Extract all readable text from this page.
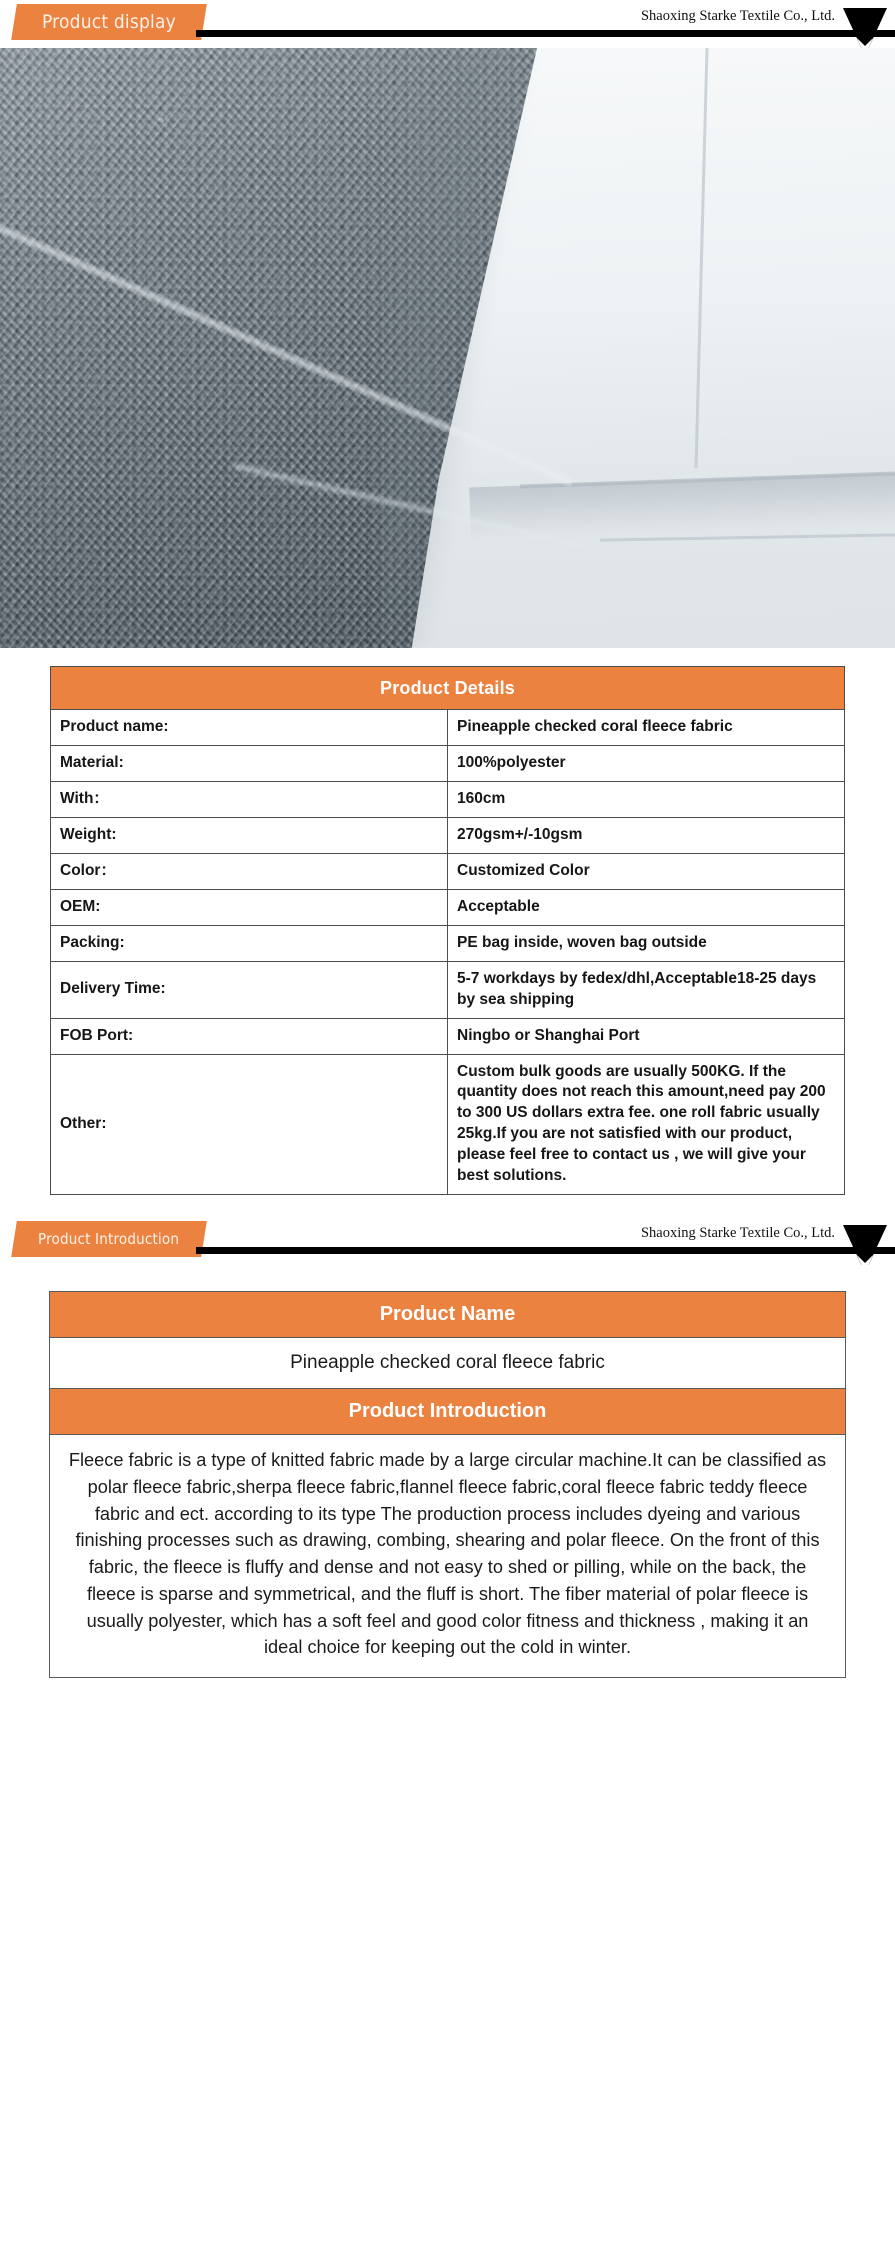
Product display	Shaoxing Starke Textile Co., Ltd.
Product Details	
Product name:	Pineapple checked coral fleece fabric
Material:	100%polyester
With：	160cm
Weight:	270gsm+/-10gsm
Color：	Customized Color
OEM:	Acceptable
Packing:	PE bag inside, woven bag outside
Delivery Time:	5-7 workdays by fedex/dhl,Acceptable18-25 days by sea shipping
FOB Port:	Ningbo or Shanghai Port
Other:	Custom bulk goods are usually 500KG. If the quantity does not reach this amount,need pay 200 to 300 US dollars extra fee. one roll fabric usually 25kg.If you are not satisfied with our product, please feel free to contact us , we will give your best solutions.
Product Introduction	Shaoxing Starke Textile Co., Ltd.
Product Name
Pineapple checked coral fleece fabric
Product Introduction
Fleece fabric is a type of knitted fabric made by a large circular machine.It can be classified as polar fleece fabric,sherpa fleece fabric,flannel fleece fabric,coral fleece fabric teddy fleece fabric and ect. according to its type The production process includes dyeing and various finishing processes such as drawing, combing, shearing and polar fleece. On the front of this fabric, the fleece is fluffy and dense and not easy to shed or pilling, while on the back, the fleece is sparse and symmetrical, and the fluff is short. The fiber material of polar fleece is usually polyester, which has a soft feel and good color fitness and thickness , making it an ideal choice for keeping out the cold in winter.
